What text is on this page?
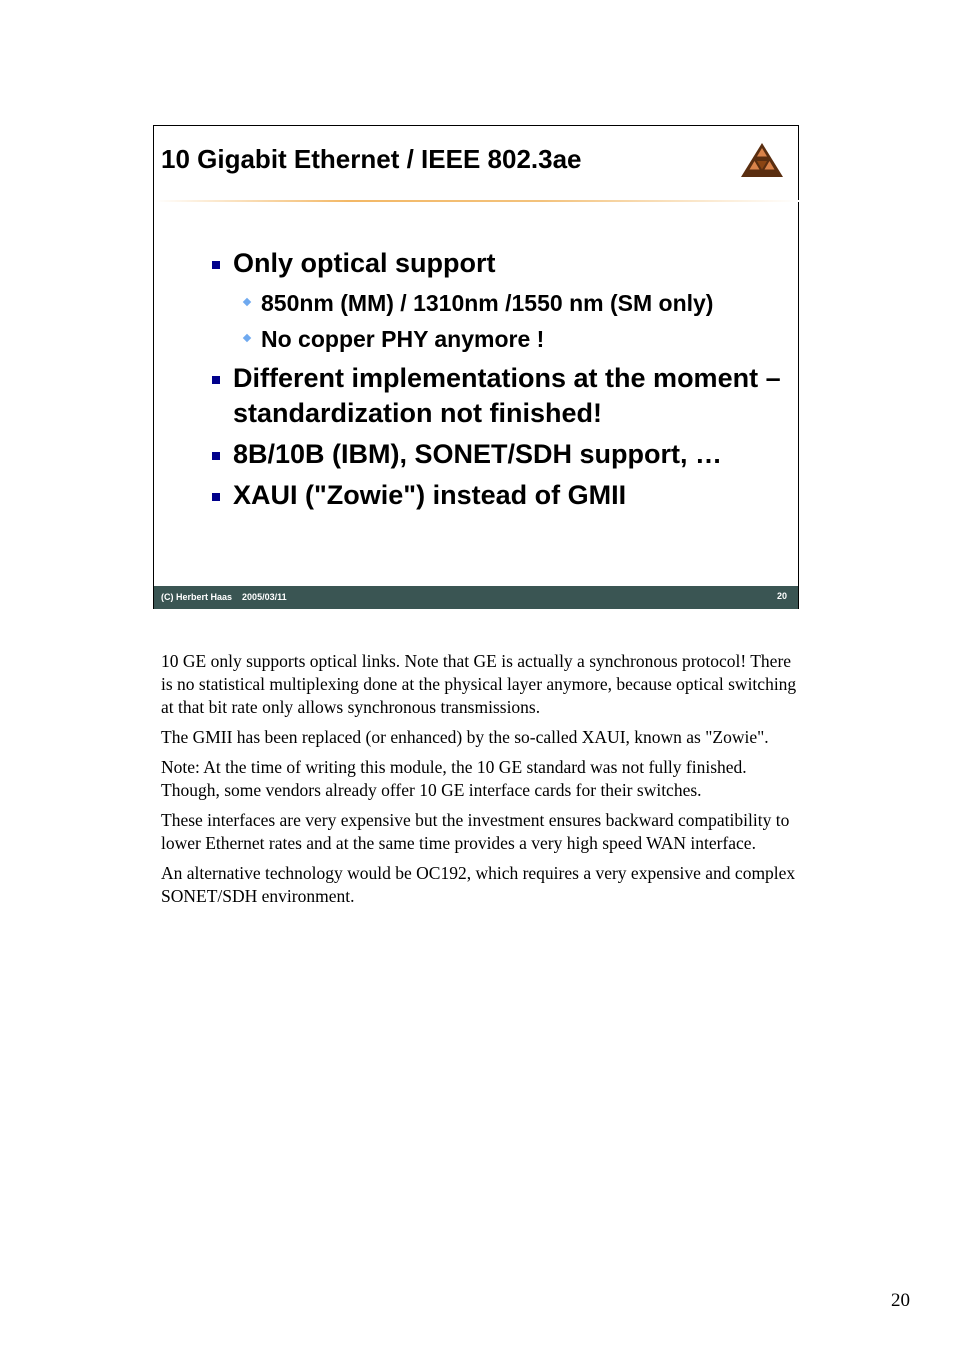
10 Gigabit Ethernet / IEEE 802.3ae
Only optical support
850nm (MM) / 1310nm /1550 nm (SM only)
No copper PHY anymore !
Different implementations at the moment – standardization not finished!
8B/10B (IBM), SONET/SDH support, …
XAUI ("Zowie") instead of GMII
(C) Herbert Haas 2005/03/11	20

10 GE only supports optical links. Note that GE is actually a synchronous protocol! There is no statistical multiplexing done at the physical layer anymore, because optical switching at that bit rate only allows synchronous transmissions.

The GMII has been replaced (or enhanced) by the so-called XAUI, known as "Zowie".

Note: At the time of writing this module, the 10 GE standard was not fully finished. Though, some vendors already offer 10 GE interface cards for their switches.

These interfaces are very expensive but the investment ensures backward compatibility to lower Ethernet rates and at the same time provides a very high speed WAN interface.

An alternative technology would be OC192, which requires a very expensive and complex SONET/SDH environment.

20
